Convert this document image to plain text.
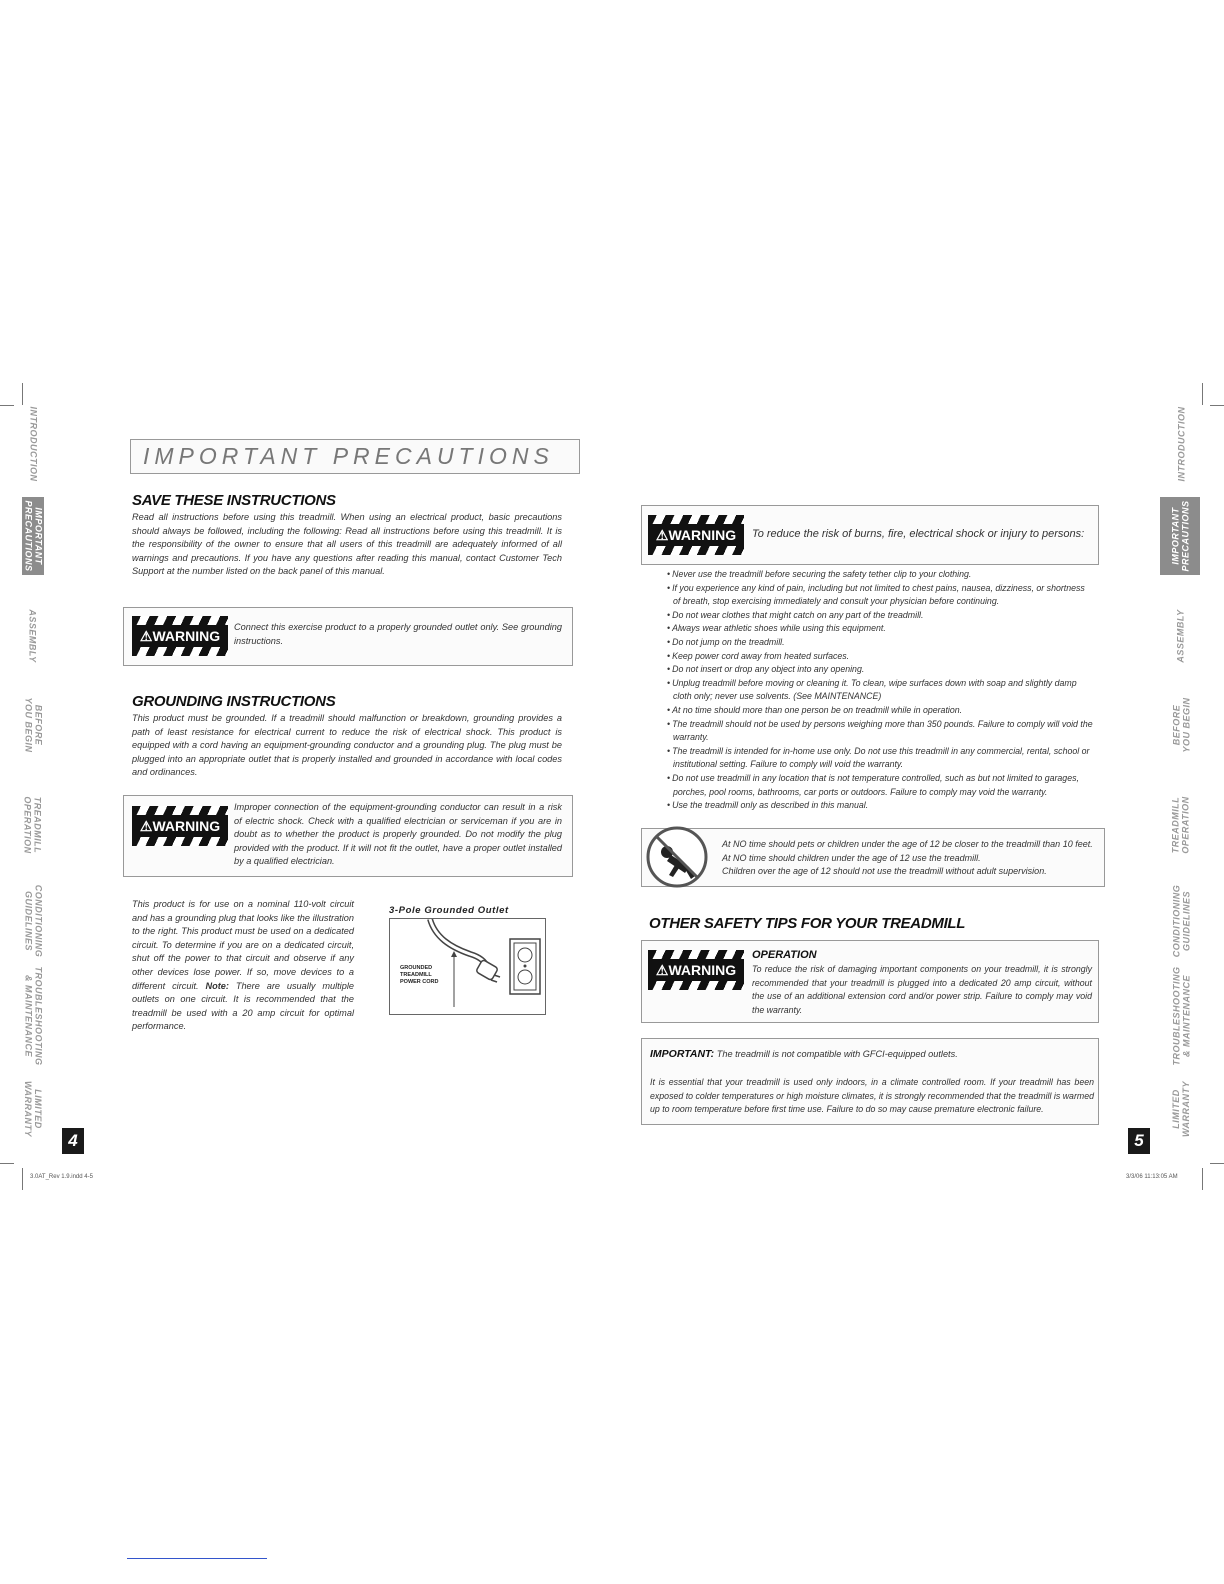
INTRODUCTION
IMPORTANT
PRECAUTIONS
ASSEMBLY
BEFORE
YOU BEGIN
TREADMILL
OPERATION
CONDITIONING
GUIDELINES
TROUBLESHOOTING
& MAINTENANCE
LIMITED
WARRANTY
4
INTRODUCTION
IMPORTANT
PRECAUTIONS
ASSEMBLY
BEFORE
YOU BEGIN
TREADMILL
OPERATION
CONDITIONING
GUIDELINES
TROUBLESHOOTING
& MAINTENANCE
LIMITED
WARRANTY
5
IMPORTANT PRECAUTIONS
SAVE THESE INSTRUCTIONS
Read all instructions before using this treadmill. When using an electrical product, basic precautions should always be followed, including the following: Read all instructions before using this treadmill. It is the responsibility of the owner to ensure that all users of this treadmill are adequately informed of all warnings and precautions. If you have any questions after reading this manual, contact Customer Tech Support at the number listed on the back panel of this manual.
⚠WARNING
Connect this exercise product to a properly grounded outlet only. See grounding instructions.
GROUNDING INSTRUCTIONS
This product must be grounded. If a treadmill should malfunction or breakdown, grounding provides a path of least resistance for electrical current to reduce the risk of electrical shock. This product is equipped with a cord having an equipment-grounding conductor and a grounding plug. The plug must be plugged into an appropriate outlet that is properly installed and grounded in accordance with local codes and ordinances.
⚠WARNING
Improper connection of the equipment-grounding conductor can result in a risk of electric shock. Check with a qualified electrician or serviceman if you are in doubt as to whether the product is properly grounded. Do not modify the plug provided with the product. If it will not fit the outlet, have a proper outlet installed by a qualified electrician.
This product is for use on a nominal 110-volt circuit and has a grounding plug that looks like the illustration to the right. This product must be used on a dedicated circuit. To determine if you are on a dedicated circuit, shut off the power to that circuit and observe if any other devices lose power. If so, move devices to a different circuit. Note: There are usually multiple outlets on one circuit. It is recommended that the treadmill be used with a 20 amp circuit for optimal performance.
3-Pole Grounded Outlet
GROUNDED
TREADMILL
POWER CORD
⚠WARNING	To reduce the risk of burns, fire, electrical shock or injury to persons:
• Never use the treadmill before securing the safety tether clip to your clothing.
• If you experience any kind of pain, including but not limited to chest pains, nausea, dizziness, or shortness of breath, stop exercising immediately and consult your physician before continuing.
• Do not wear clothes that might catch on any part of the treadmill.
• Always wear athletic shoes while using this equipment.
• Do not jump on the treadmill.
• Keep power cord away from heated surfaces.
• Do not insert or drop any object into any opening.
• Unplug treadmill before moving or cleaning it. To clean, wipe surfaces down with soap and slightly damp cloth only; never use solvents. (See MAINTENANCE)
• At no time should more than one person be on treadmill while in operation.
• The treadmill should not be used by persons weighing more than 350 pounds. Failure to comply will void the warranty.
• The treadmill is intended for in-home use only. Do not use this treadmill in any commercial, rental, school or institutional setting. Failure to comply will void the warranty.
• Do not use treadmill in any location that is not temperature controlled, such as but not limited to garages, porches, pool rooms, bathrooms, car ports or outdoors. Failure to comply may void the warranty.
• Use the treadmill only as described in this manual.
At NO time should pets or children under the age of 12 be closer to the treadmill than 10 feet.
At NO time should children under the age of 12 use the treadmill.
Children over the age of 12 should not use the treadmill without adult supervision.
OTHER SAFETY TIPS FOR YOUR TREADMILL
⚠WARNING
OPERATION
To reduce the risk of damaging important components on your treadmill, it is strongly recommended that your treadmill is plugged into a dedicated 20 amp circuit, without the use of an additional extension cord and/or power strip. Failure to comply may void the warranty.
IMPORTANT: The treadmill is not compatible with GFCI-equipped outlets.
It is essential that your treadmill is used only indoors, in a climate controlled room. If your treadmill has been exposed to colder temperatures or high moisture climates, it is strongly recommended that the treadmill is warmed up to room temperature before first time use. Failure to do so may cause premature electronic failure.
3.0AT_Rev 1.9.indd 4-5	3/3/06 11:13:05 AM
